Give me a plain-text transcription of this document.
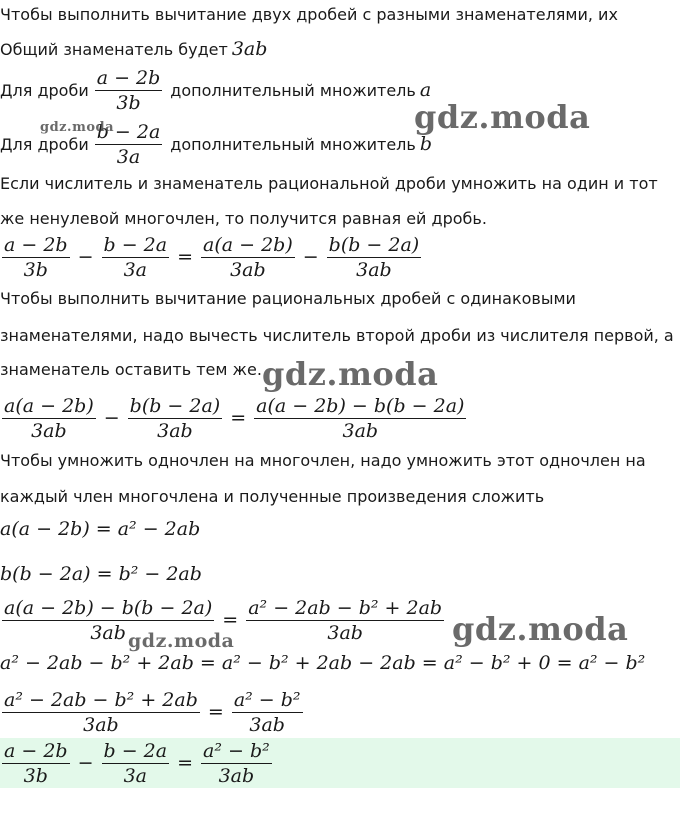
Чтобы выполнить вычитание двух дробей с разными знаменателями, их

Общий знаменатель будет 3ab
Для дроби $\frac{a - 2b}{3b}$ дополнительный множитель a
Для дроби $\frac{b - 2a}{3a}$ дополнительный множитель b

Если числитель и знаменатель рациональной дроби умножить на один и тот

же ненулевой многочлен, то получится равная ей дробь.

$\frac{a - 2b}{3b} - \frac{b - 2a}{3a} = \frac{a(a - 2b)}{3ab} - \frac{b(b - 2a)}{3ab}$

Чтобы выполнить вычитание рациональных дробей с одинаковыми

знаменателями, надо вычесть числитель второй дроби из числителя первой, а

знаменатель оставить тем же.

$\frac{a(a - 2b)}{3ab} - \frac{b(b - 2a)}{3ab} = \frac{a(a - 2b) - b(b - 2a)}{3ab}$

Чтобы умножить одночлен на многочлен, надо умножить этот одночлен на

каждый член многочлена и полученные произведения сложить

a(a − 2b) = a² − 2ab
b(b − 2a) = b² − 2ab
$\frac{a(a - 2b) - b(b - 2a)}{3ab} = \frac{\text{a² − 2ab − b² + 2ab}}{3ab}$
a² − 2ab − b² + 2ab = a² − b² + 2ab − 2ab = a² − b² + 0 = a² − b²
$\frac{\text{a² − 2ab − b² + 2ab}}{3ab} = \frac{\text{a² − b²}}{3ab}$
$\frac{a - 2b}{3b} - \frac{b - 2a}{3a} = \frac{\text{a² − b²}}{3ab}$
gdz.moda
gdz.moda
gdz.moda
gdz.moda
gdz.moda
